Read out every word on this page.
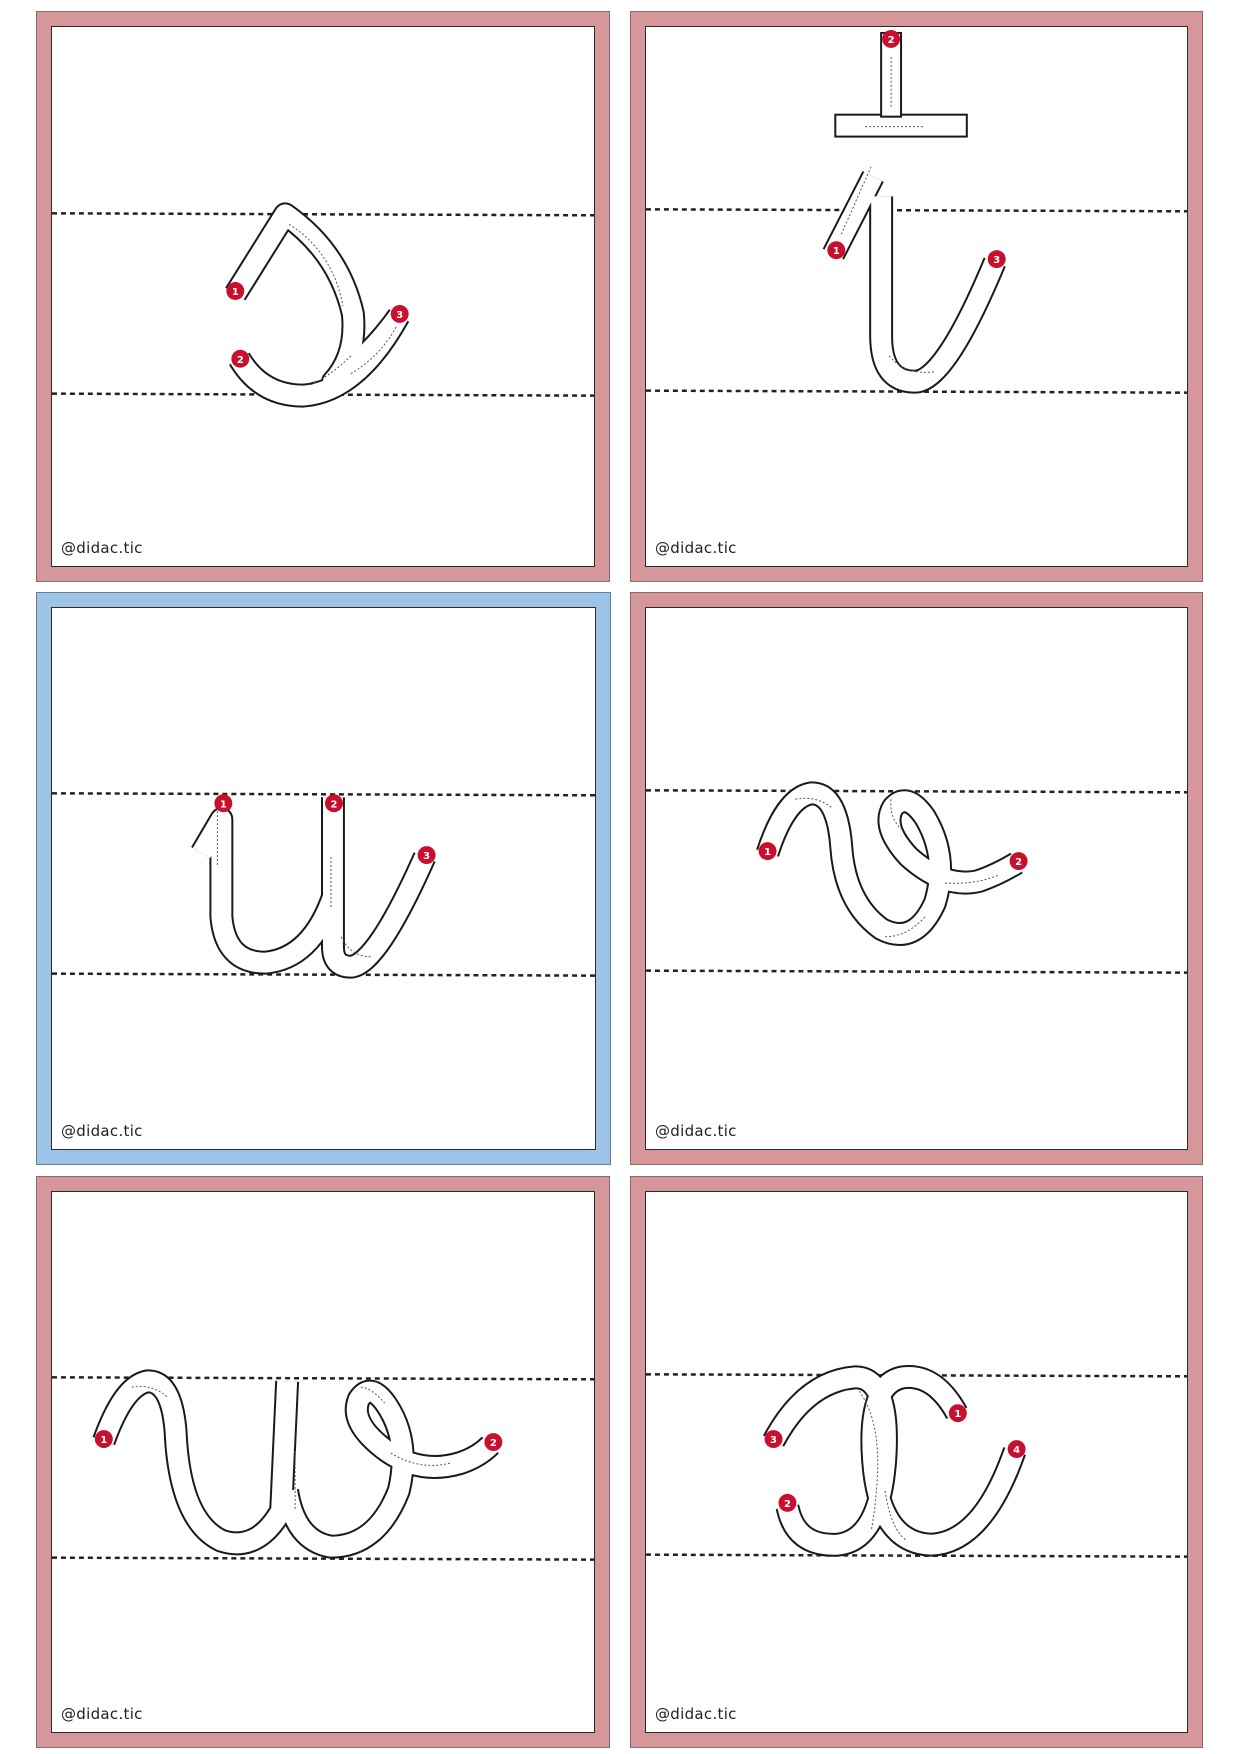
1
2
3
@didac.tic
1
2
3
@didac.tic
1	2
3
@didac.tic
1
2
@didac.tic
1	2
@didac.tic
1
2
3
4
@didac.tic
